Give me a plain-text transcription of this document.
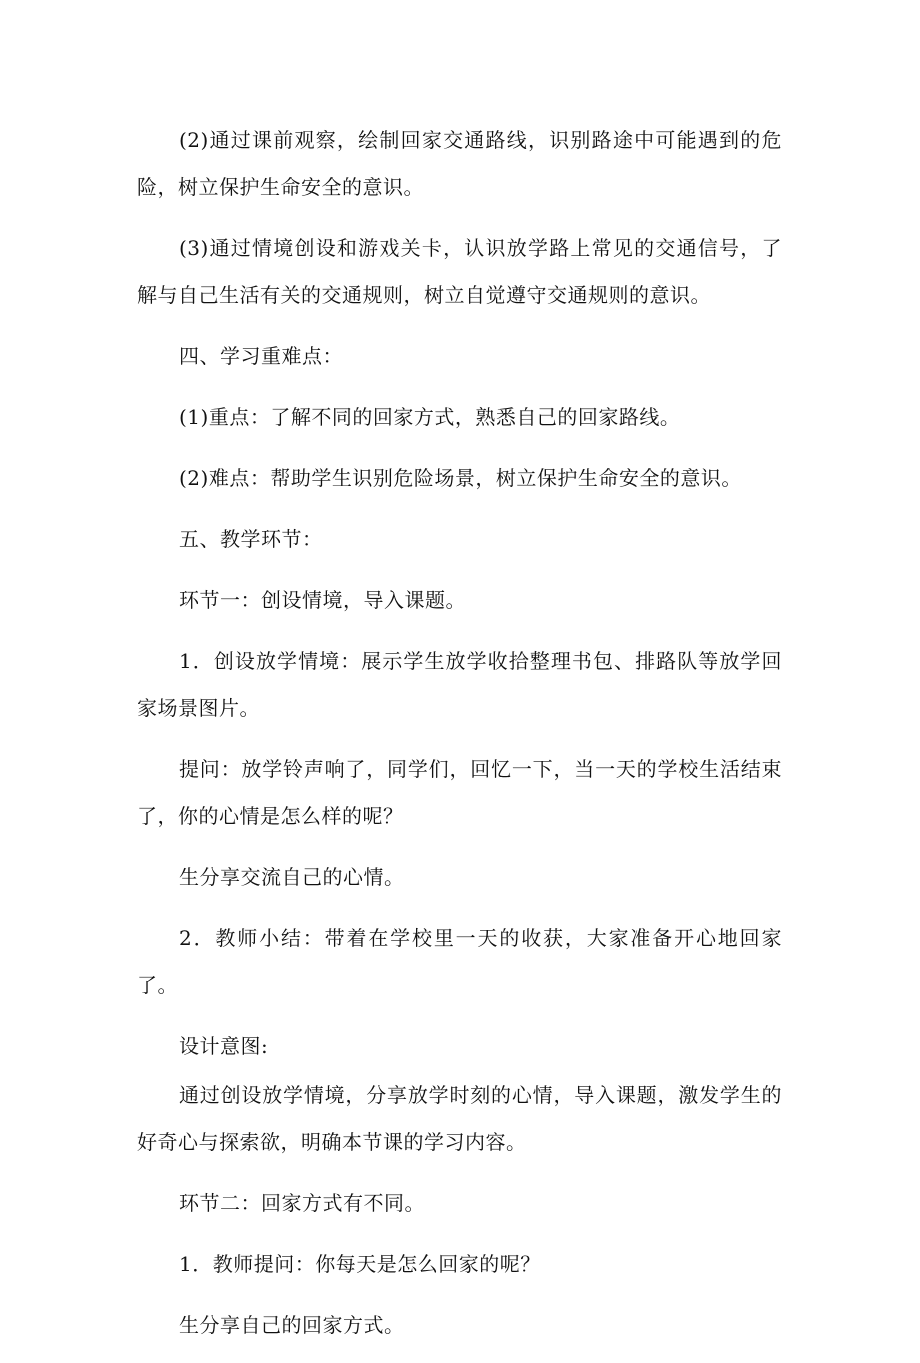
(2)通过课前观察，绘制回家交通路线，识别路途中可能遇到的危险，树立保护生命安全的意识。

(3)通过情境创设和游戏关卡，认识放学路上常见的交通信号，了解与自己生活有关的交通规则，树立自觉遵守交通规则的意识。

四、学习重难点：

(1)重点：了解不同的回家方式，熟悉自己的回家路线。

(2)难点：帮助学生识别危险场景，树立保护生命安全的意识。

五、教学环节：

环节一：创设情境，导入课题。

1．创设放学情境：展示学生放学收拾整理书包、排路队等放学回家场景图片。

提问：放学铃声响了，同学们，回忆一下，当一天的学校生活结束了，你的心情是怎么样的呢？

生分享交流自己的心情。

2．教师小结：带着在学校里一天的收获，大家准备开心地回家了。

设计意图:

通过创设放学情境，分享放学时刻的心情，导入课题，激发学生的好奇心与探索欲，明确本节课的学习内容。

环节二：回家方式有不同。

1．教师提问：你每天是怎么回家的呢？

生分享自己的回家方式。
